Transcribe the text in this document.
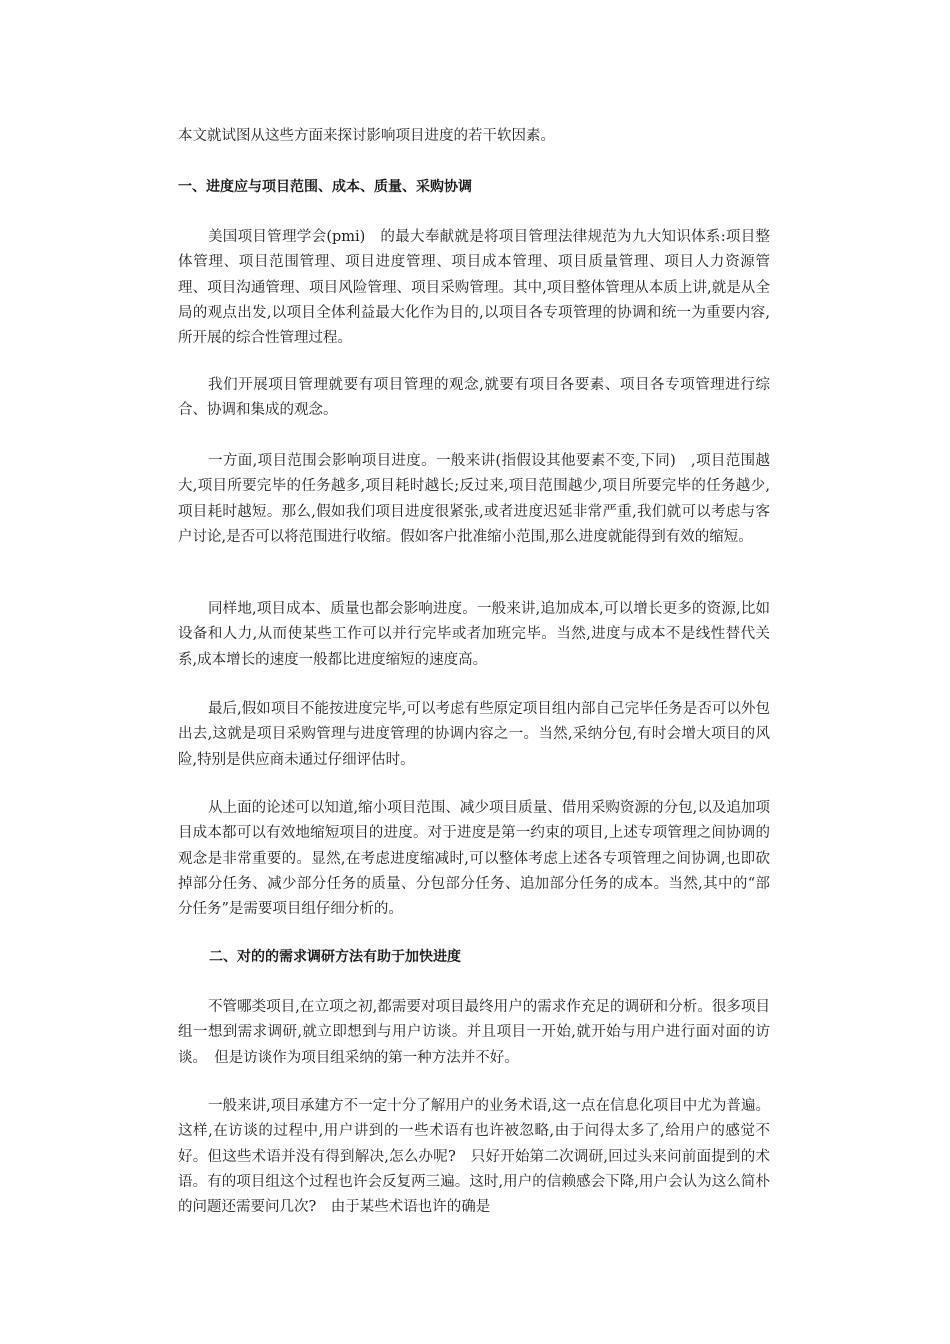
本文就试图从这些方面来探讨影响项目进度的若干软因素。

一、进度应与项目范围、成本、质量、采购协调

美国项目管理学会(pmi)　的最大奉献就是将项目管理法律规范为九大知识体系:项目整体管理、项目范围管理、项目进度管理、项目成本管理、项目质量管理、项目人力资源管理、项目沟通管理、项目风险管理、项目采购管理。其中,项目整体管理从本质上讲,就是从全局的观点出发,以项目全体利益最大化作为目的,以项目各专项管理的协调和统一为重要内容,所开展的综合性管理过程。

我们开展项目管理就要有项目管理的观念,就要有项目各要素、项目各专项管理进行综合、协调和集成的观念。

一方面,项目范围会影响项目进度。一般来讲(指假设其他要素不变,下同)　,项目范围越大,项目所要完毕的任务越多,项目耗时越长;反过来,项目范围越少,项目所要完毕的任务越少,项目耗时越短。那么,假如我们项目进度很紧张,或者进度迟延非常严重,我们就可以考虑与客户讨论,是否可以将范围进行收缩。假如客户批准缩小范围,那么进度就能得到有效的缩短。

同样地,项目成本、质量也都会影响进度。一般来讲,追加成本,可以增长更多的资源,比如设备和人力,从而使某些工作可以并行完毕或者加班完毕。当然,进度与成本不是线性替代关系,成本增长的速度一般都比进度缩短的速度高。

最后,假如项目不能按进度完毕,可以考虑有些原定项目组内部自己完毕任务是否可以外包出去,这就是项目采购管理与进度管理的协调内容之一。当然,采纳分包,有时会增大项目的风险,特别是供应商未通过仔细评估时。

从上面的论述可以知道,缩小项目范围、减少项目质量、借用采购资源的分包,以及追加项目成本都可以有效地缩短项目的进度。对于进度是第一约束的项目,上述专项管理之间协调的观念是非常重要的。显然,在考虑进度缩减时,可以整体考虑上述各专项管理之间协调,也即砍掉部分任务、减少部分任务的质量、分包部分任务、追加部分任务的成本。当然,其中的“部分任务”是需要项目组仔细分析的。

二、对的的需求调研方法有助于加快进度

不管哪类项目,在立项之初,都需要对项目最终用户的需求作充足的调研和分析。很多项目组一想到需求调研,就立即想到与用户访谈。并且项目一开始,就开始与用户进行面对面的访谈。　但是访谈作为项目组采纳的第一种方法并不好。

一般来讲,项目承建方不一定十分了解用户的业务术语,这一点在信息化项目中尤为普遍。这样,在访谈的过程中,用户讲到的一些术语有也许被忽略,由于问得太多了,给用户的感觉不好。但这些术语并没有得到解决,怎么办呢?　只好开始第二次调研,回过头来问前面提到的术语。有的项目组这个过程也许会反复两三遍。这时,用户的信赖感会下降,用户会认为这么简朴的问题还需要问几次?　由于某些术语也许的确是
